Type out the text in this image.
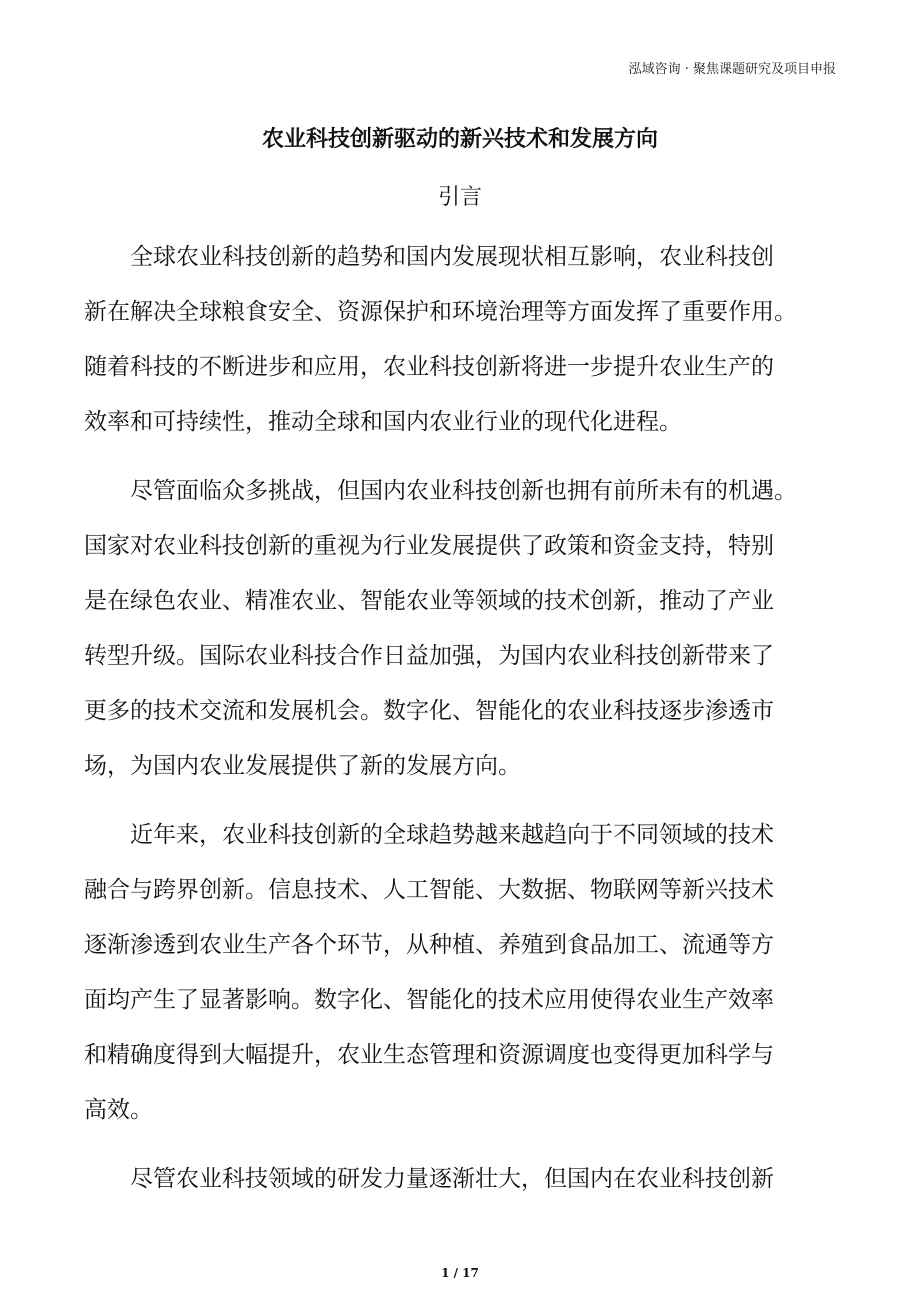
泓域咨询 · 聚焦课题研究及项目申报
农业科技创新驱动的新兴技术和发展方向
引言
全球农业科技创新的趋势和国内发展现状相互影响，农业科技创
新在解决全球粮食安全、资源保护和环境治理等方面发挥了重要作用。
随着科技的不断进步和应用，农业科技创新将进一步提升农业生产的
效率和可持续性，推动全球和国内农业行业的现代化进程。
尽管面临众多挑战，但国内农业科技创新也拥有前所未有的机遇。
国家对农业科技创新的重视为行业发展提供了政策和资金支持，特别
是在绿色农业、精准农业、智能农业等领域的技术创新，推动了产业
转型升级。国际农业科技合作日益加强，为国内农业科技创新带来了
更多的技术交流和发展机会。数字化、智能化的农业科技逐步渗透市
场，为国内农业发展提供了新的发展方向。
近年来，农业科技创新的全球趋势越来越趋向于不同领域的技术
融合与跨界创新。信息技术、人工智能、大数据、物联网等新兴技术
逐渐渗透到农业生产各个环节，从种植、养殖到食品加工、流通等方
面均产生了显著影响。数字化、智能化的技术应用使得农业生产效率
和精确度得到大幅提升，农业生态管理和资源调度也变得更加科学与
高效。
尽管农业科技领域的研发力量逐渐壮大，但国内在农业科技创新
1 / 17
